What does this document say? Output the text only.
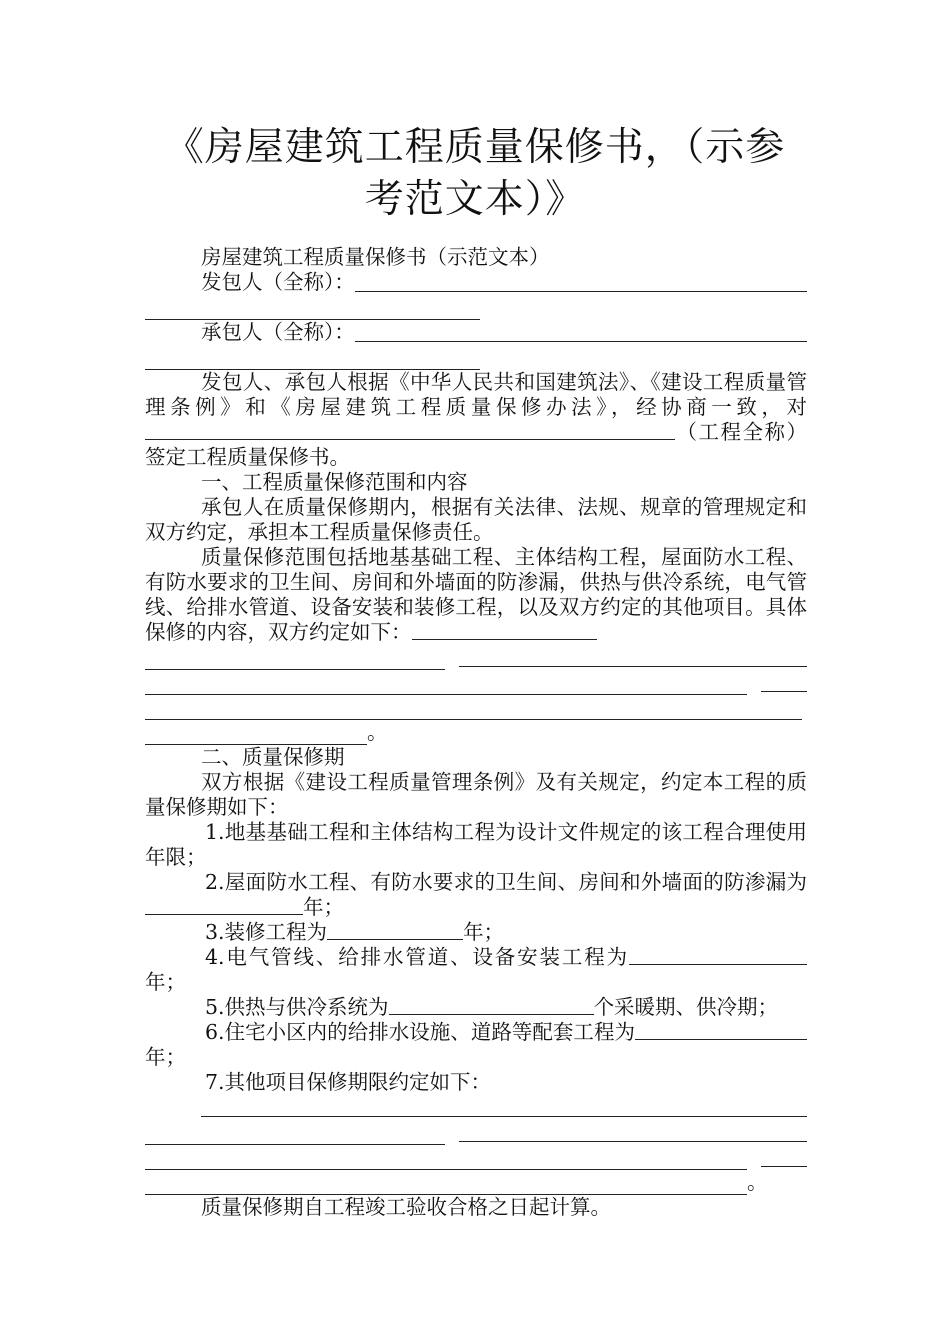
《房屋建筑工程质量保修书，（示参考范文本）》

房屋建筑工程质量保修书（示范文本）

发包人（全称）：
承包人（全称）：

发包人、承包人根据《中华人民共和国建筑法》、《建设工程质量管理条例》和《房屋建筑工程质量保修办法》，经协商一致，对（工程全称）签定工程质量保修书。

一、工程质量保修范围和内容

承包人在质量保修期内，根据有关法律、法规、规章的管理规定和双方约定，承担本工程质量保修责任。

质量保修范围包括地基基础工程、主体结构工程，屋面防水工程、有防水要求的卫生间、房间和外墙面的防渗漏，供热与供冷系统，电气管线、给排水管道、设备安装和装修工程，以及双方约定的其他项目。具体保修的内容，双方约定如下：

。

二、质量保修期

双方根据《建设工程质量管理条例》及有关规定，约定本工程的质量保修期如下：

1.地基基础工程和主体结构工程为设计文件规定的该工程合理使用年限；

2.屋面防水工程、有防水要求的卫生间、房间和外墙面的防渗漏为年；

3.装修工程为	年；

4.电气管线、给排水管道、设备安装工程为年；

5.供热与供冷系统为	个采暖期、供冷期；

6.住宅小区内的给排水设施、道路等配套工程为年；

7.其他项目保修期限约定如下：

。

质量保修期自工程竣工验收合格之日起计算。
